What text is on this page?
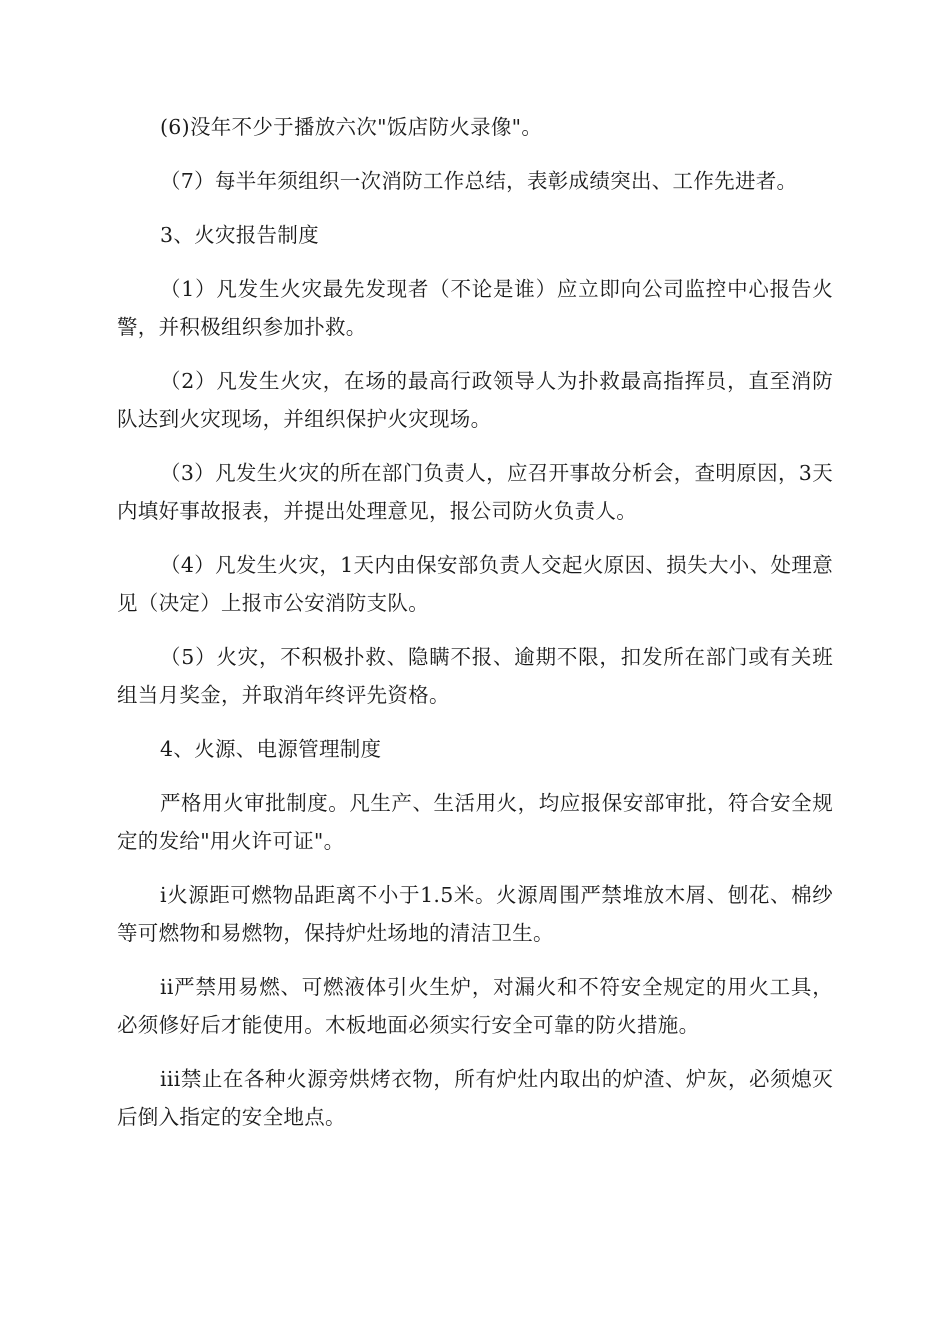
(6)没年不少于播放六次"饭店防火录像"。

（7）每半年须组织一次消防工作总结，表彰成绩突出、工作先进者。

3、火灾报告制度

（1）凡发生火灾最先发现者（不论是谁）应立即向公司监控中心报告火警，并积极组织参加扑救。

（2）凡发生火灾，在场的最高行政领导人为扑救最高指挥员，直至消防队达到火灾现场，并组织保护火灾现场。

（3）凡发生火灾的所在部门负责人，应召开事故分析会，查明原因，3天内填好事故报表，并提出处理意见，报公司防火负责人。

（4）凡发生火灾，1天内由保安部负责人交起火原因、损失大小、处理意见（决定）上报市公安消防支队。

（5）火灾，不积极扑救、隐瞒不报、逾期不限，扣发所在部门或有关班组当月奖金，并取消年终评先资格。

4、火源、电源管理制度

严格用火审批制度。凡生产、生活用火，均应报保安部审批，符合安全规定的发给"用火许可证"。

i火源距可燃物品距离不小于1.5米。火源周围严禁堆放木屑、刨花、棉纱等可燃物和易燃物，保持炉灶场地的清洁卫生。

ii严禁用易燃、可燃液体引火生炉，对漏火和不符安全规定的用火工具，必须修好后才能使用。木板地面必须实行安全可靠的防火措施。

iii禁止在各种火源旁烘烤衣物，所有炉灶内取出的炉渣、炉灰，必须熄灭后倒入指定的安全地点。
